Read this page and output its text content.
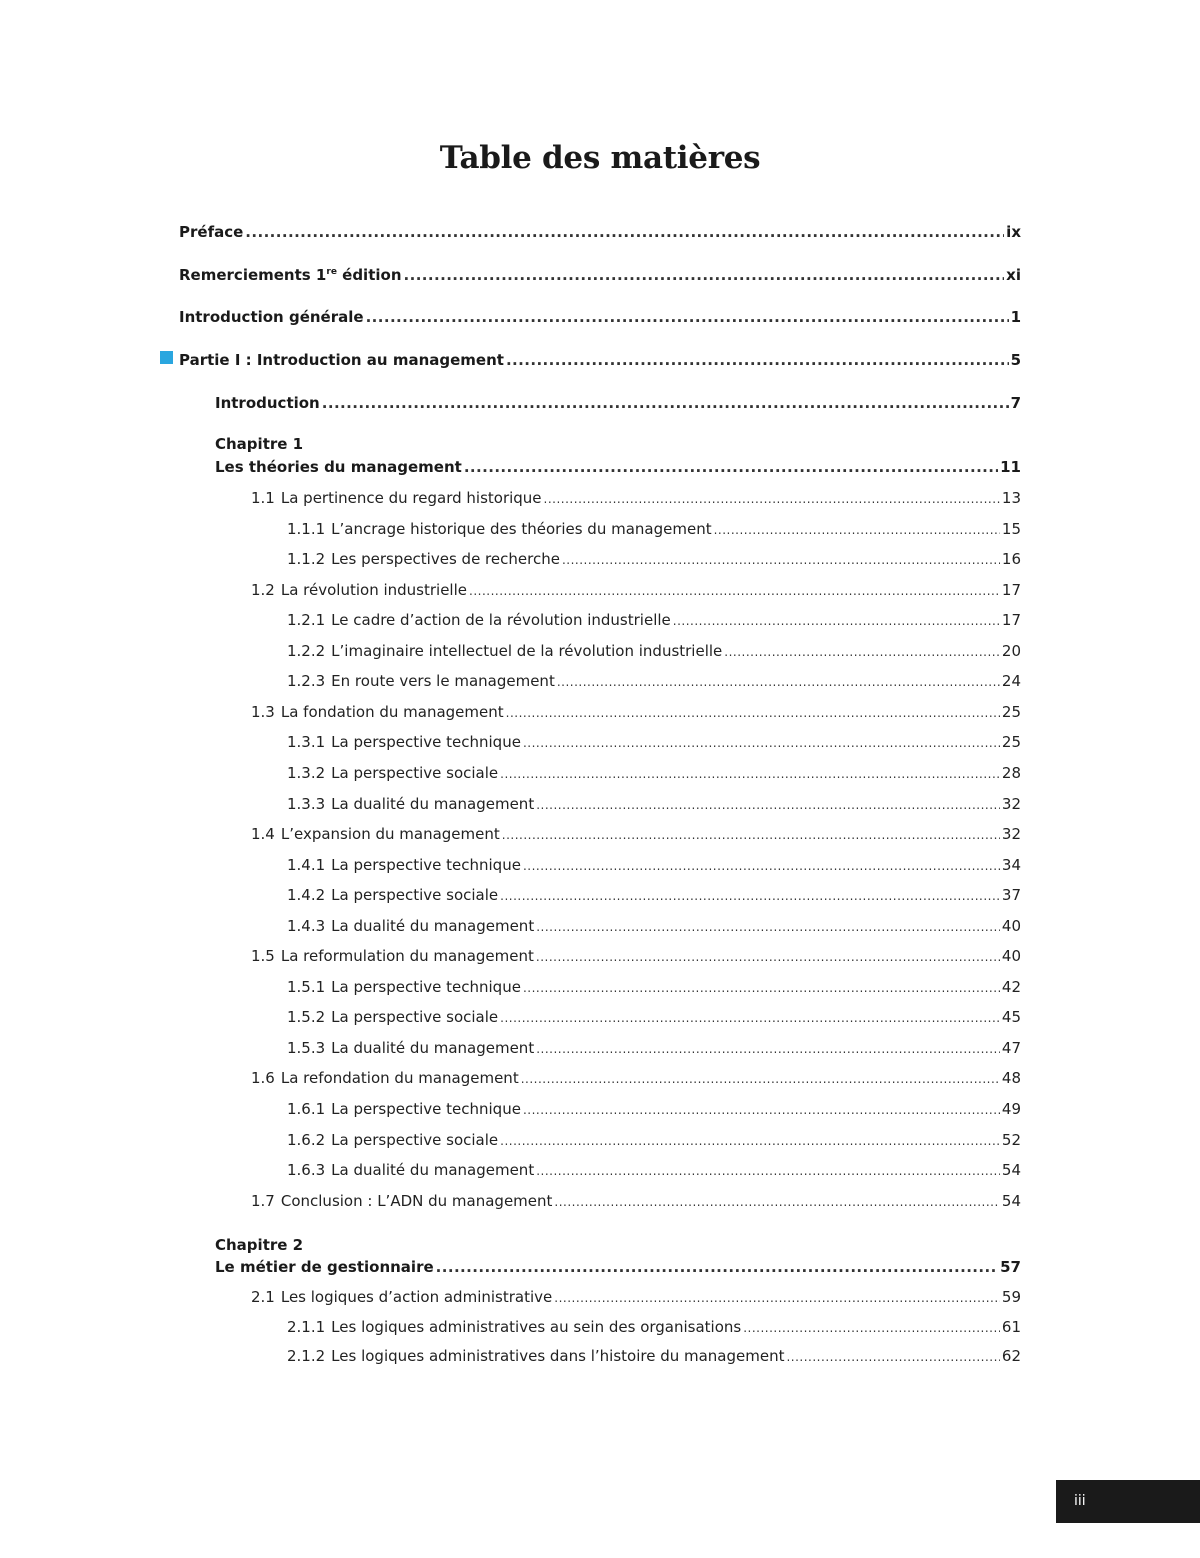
Table des matières
Préface .....	ix
Remerciements 1re édition .....	xi
Introduction générale .....	1
Partie I : Introduction au management .....	5
Introduction .....	7
Chapitre 1
Les théories du management .....	11
1.1 La pertinence du regard historique .....	13
1.1.1 L’ancrage historique des théories du management .....	15
1.1.2 Les perspectives de recherche .....	16
1.2 La révolution industrielle .....	17
1.2.1 Le cadre d’action de la révolution industrielle .....	17
1.2.2 L’imaginaire intellectuel de la révolution industrielle .....	20
1.2.3 En route vers le management .....	24
1.3 La fondation du management .....	25
1.3.1 La perspective technique .....	25
1.3.2 La perspective sociale .....	28
1.3.3 La dualité du management .....	32
1.4 L’expansion du management .....	32
1.4.1 La perspective technique .....	34
1.4.2 La perspective sociale .....	37
1.4.3 La dualité du management .....	40
1.5 La reformulation du management .....	40
1.5.1 La perspective technique .....	42
1.5.2 La perspective sociale .....	45
1.5.3 La dualité du management .....	47
1.6 La refondation du management .....	48
1.6.1 La perspective technique .....	49
1.6.2 La perspective sociale .....	52
1.6.3 La dualité du management .....	54
1.7 Conclusion : L’ADN du management .....	54
Chapitre 2
Le métier de gestionnaire .....	57
2.1 Les logiques d’action administrative .....	59
2.1.1 Les logiques administratives au sein des organisations .....	61
2.1.2 Les logiques administratives dans l’histoire du management .....	62
iii
